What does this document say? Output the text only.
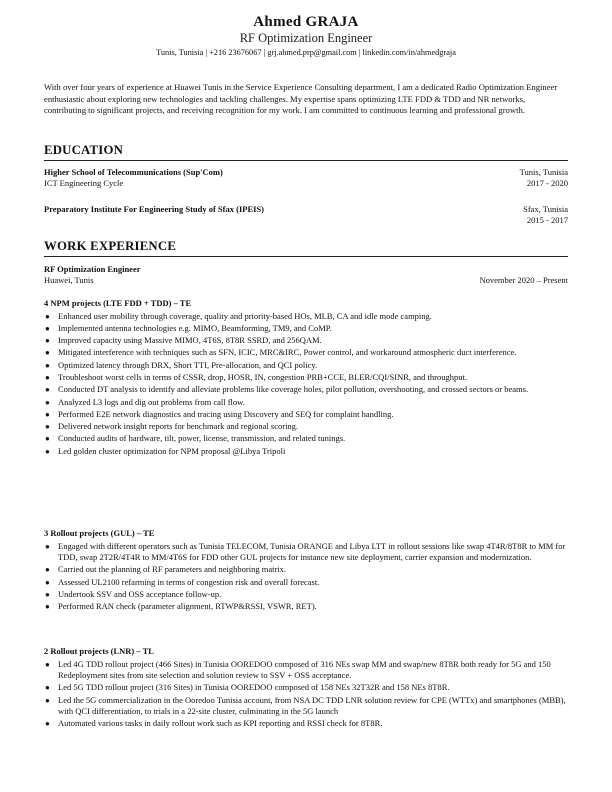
Ahmed GRAJA
RF Optimization Engineer
Tunis, Tunisia | +216 23676067 | grj.ahmed.prp@gmail.com | linkedin.com/in/ahmedgraja
With over four years of experience at Huawei Tunis in the Service Experience Consulting department, I am a dedicated Radio Optimization Engineer enthusiastic about exploring new technologies and tackling challenges. My expertise spans optimizing LTE FDD & TDD and NR networks, contributing to significant projects, and receiving recognition for my work. I am committed to continuous learning and professional growth.
EDUCATION
Higher School of Telecommunications (Sup'Com)	Tunis, Tunisia
ICT Engineering Cycle	2017 - 2020
Preparatory Institute For Engineering Study of Sfax (IPEIS)	Sfax, Tunisia
2015 - 2017
WORK EXPERIENCE
RF Optimization Engineer
Huawei, Tunis	November 2020 – Present
4 NPM projects (LTE FDD + TDD) – TE
● Enhanced user mobility through coverage, quality and priority-based HOs, MLB, CA and idle mode camping.
● Implemented antenna technologies e.g. MIMO, Beamforming, TM9, and CoMP.
● Improved capacity using Massive MIMO, 4T6S, 8T8R SSRD, and 256QAM.
● Mitigated interference with techniques such as SFN, ICIC, MRC&IRC, Power control, and workaround atmospheric duct interference.
● Optimized latency through DRX, Short TTI, Pre-allocation, and QCI policy.
● Troubleshoot worst cells in terms of CSSR, drop, HOSR, IN, congestion PRB+CCE, BLER/CQI/SINR, and throughput.
● Conducted DT analysis to identify and alleviate problems like coverage holes, pilot pollution, overshooting, and crossed sectors or beams.
● Analyzed L3 logs and dig out problems from call flow.
● Performed E2E network diagnostics and tracing using Discovery and SEQ for complaint handling.
● Delivered network insight reports for benchmark and regional scoring.
● Conducted audits of hardware, tilt, power, license, transmission, and related tunings.
● Led golden cluster optimization for NPM proposal @Libya Tripoli
3 Rollout projects (GUL) – TE
● Engaged with different operators such as Tunisia TELECOM, Tunisia ORANGE and Libya LTT in rollout sessions like swap 4T4R/8T8R to MM for TDD, swap 2T2R/4T4R to MM/4T6S for FDD other GUL projects for instance new site deployment, carrier expansion and modernization.
● Carried out the planning of RF parameters and neighboring matrix.
● Assessed UL2100 refarming in terms of congestion risk and overall forecast.
● Undertook SSV and OSS acceptance follow-up.
● Performed RAN check (parameter alignment, RTWP&RSSI, VSWR, RET).
2 Rollout projects (LNR) – TL
● Led 4G TDD rollout project (466 Sites) in Tunisia OOREDOO composed of 316 NEs swap MM and swap/new 8T8R both ready for 5G and 150 Redeployment sites from site selection and solution review to SSV + OSS acceptance.
● Led 5G TDD rollout project (316 Sites) in Tunisia OOREDOO composed of 158 NEs 32T32R and 158 NEs 8T8R.
● Led the 5G commercialization in the Ooredoo Tunisia account, from NSA DC TDD LNR solution review for CPE (WTTx) and smartphones (MBB), with QCI differentiation, to trials in a 22-site cluster, culminating in the 5G launch
● Automated various tasks in daily rollout work such as KPI reporting and RSSI check for 8T8R.
